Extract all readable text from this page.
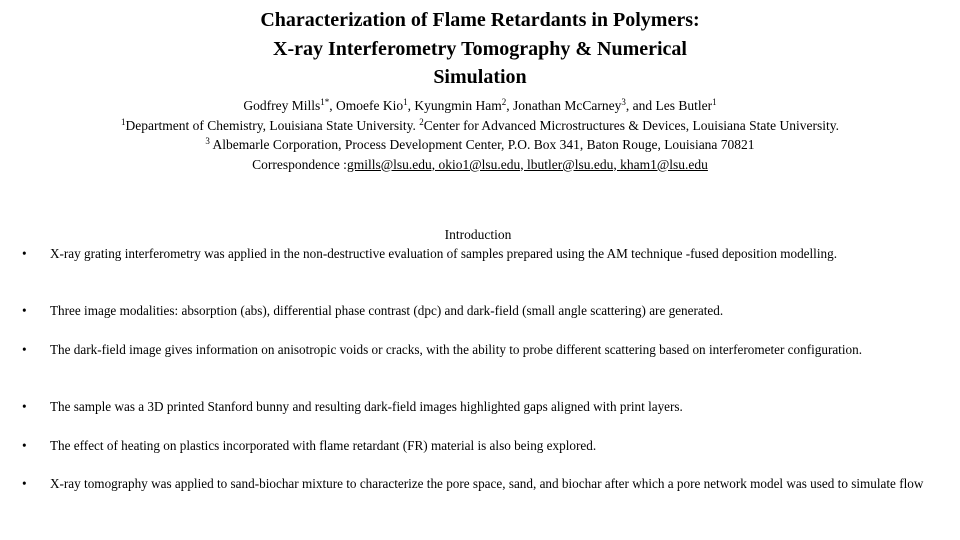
Characterization of Flame Retardants in Polymers:
X-ray Interferometry Tomography & Numerical
Simulation
Godfrey Mills$^{1*}$, Omoefe Kio$^1$, Kyungmin Ham$^2$, Jonathan McCarney$^3$, and Les Butler$^1$
$^1$Department of Chemistry, Louisiana State University. $^2$Center for Advanced Microstructures & Devices, Louisiana State University.
$^3$ Albemarle Corporation, Process Development Center, P.O. Box 341, Baton Rouge, Louisiana 70821
Correspondence :gmills@lsu.edu, okio1@lsu.edu, lbutler@lsu.edu, kham1@lsu.edu
Introduction
•	X-ray grating interferometry was applied in the non-destructive evaluation of samples prepared using the AM technique -fused deposition modelling.
•	Three image modalities: absorption (abs), differential phase contrast (dpc) and dark-field (small angle scattering) are generated.
•	The dark-field image gives information on anisotropic voids or cracks, with the ability to probe different scattering based on interferometer configuration.
•	The sample was a 3D printed Stanford bunny and resulting dark-field images highlighted gaps aligned with print layers.
•	The effect of heating on plastics incorporated with flame retardant (FR) material is also being explored.
•	X-ray tomography was applied to sand-biochar mixture to characterize the pore space, sand, and biochar after which a pore network model was used to simulate flow
